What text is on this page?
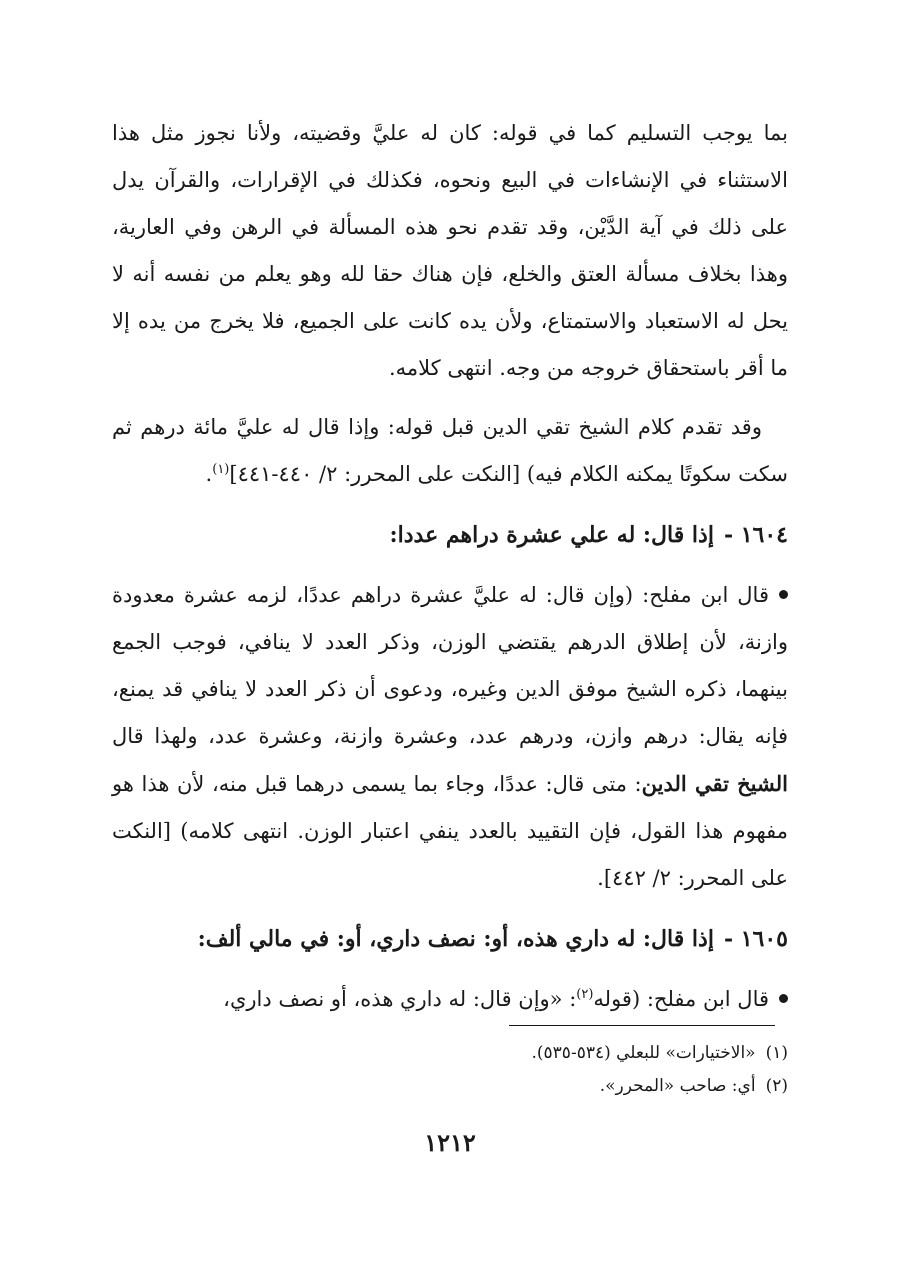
بما يوجب التسليم كما في قوله: كان له عليَّ وقضيته، ولأنا نجوز مثل هذا الاستثناء في الإنشاءات في البيع ونحوه، فكذلك في الإقرارات، والقرآن يدل على ذلك في آية الدَّيْن، وقد تقدم نحو هذه المسألة في الرهن وفي العارية، وهذا بخلاف مسألة العتق والخلع، فإن هناك حقا لله وهو يعلم من نفسه أنه لا يحل له الاستعباد والاستمتاع، ولأن يده كانت على الجميع، فلا يخرج من يده إلا ما أقر باستحقاق خروجه من وجه. انتهى كلامه.

وقد تقدم كلام الشيخ تقي الدين قبل قوله: وإذا قال له عليَّ مائة درهم ثم سكت سكوتًا يمكنه الكلام فيه) [النكت على المحرر: ٢/ ٤٤٠-٤٤١]$^{(١)}$.

١٦٠٤ -
إذا قال: له علي عشرة دراهم عددا:

قال ابن مفلح: (وإن قال: له عليَّ عشرة دراهم عددًا، لزمه عشرة معدودة وازنة، لأن إطلاق الدرهم يقتضي الوزن، وذكر العدد لا ينافي، فوجب الجمع بينهما، ذكره الشيخ موفق الدين وغيره، ودعوى أن ذكر العدد لا ينافي قد يمنع، فإنه يقال: درهم وازن، ودرهم عدد، وعشرة وازنة، وعشرة عدد، ولهذا قال الشيخ تقي الدين: متى قال: عددًا، وجاء بما يسمى درهما قبل منه، لأن هذا هو مفهوم هذا القول، فإن التقييد بالعدد ينفي اعتبار الوزن. انتهى كلامه) [النكت على المحرر: ٢/ ٤٤٢].

١٦٠٥ -
إذا قال: له داري هذه، أو: نصف داري، أو: في مالي ألف:

قال ابن مفلح: (قوله$^{(٢)}$: «وإن قال: له داري هذه، أو نصف داري،

(١)
«الاختيارات» للبعلي (٥٣٤-٥٣٥).

(٢)
أي: صاحب «المحرر».

١٢١٢
